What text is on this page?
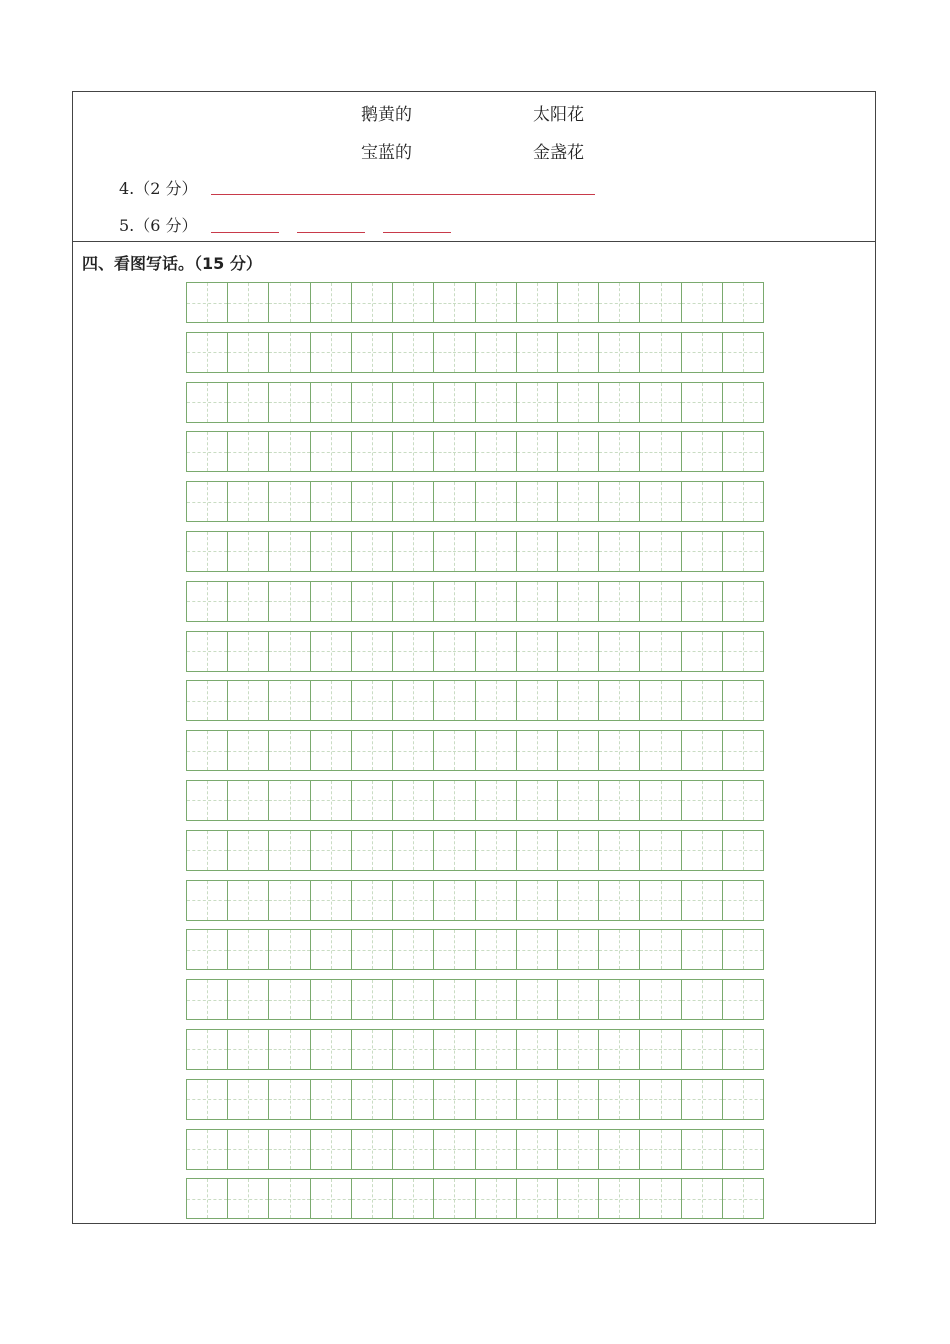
鹅黄的	太阳花
宝蓝的	金盏花
4.（2 分）
5.（6 分）
四、看图写话。（15 分）
